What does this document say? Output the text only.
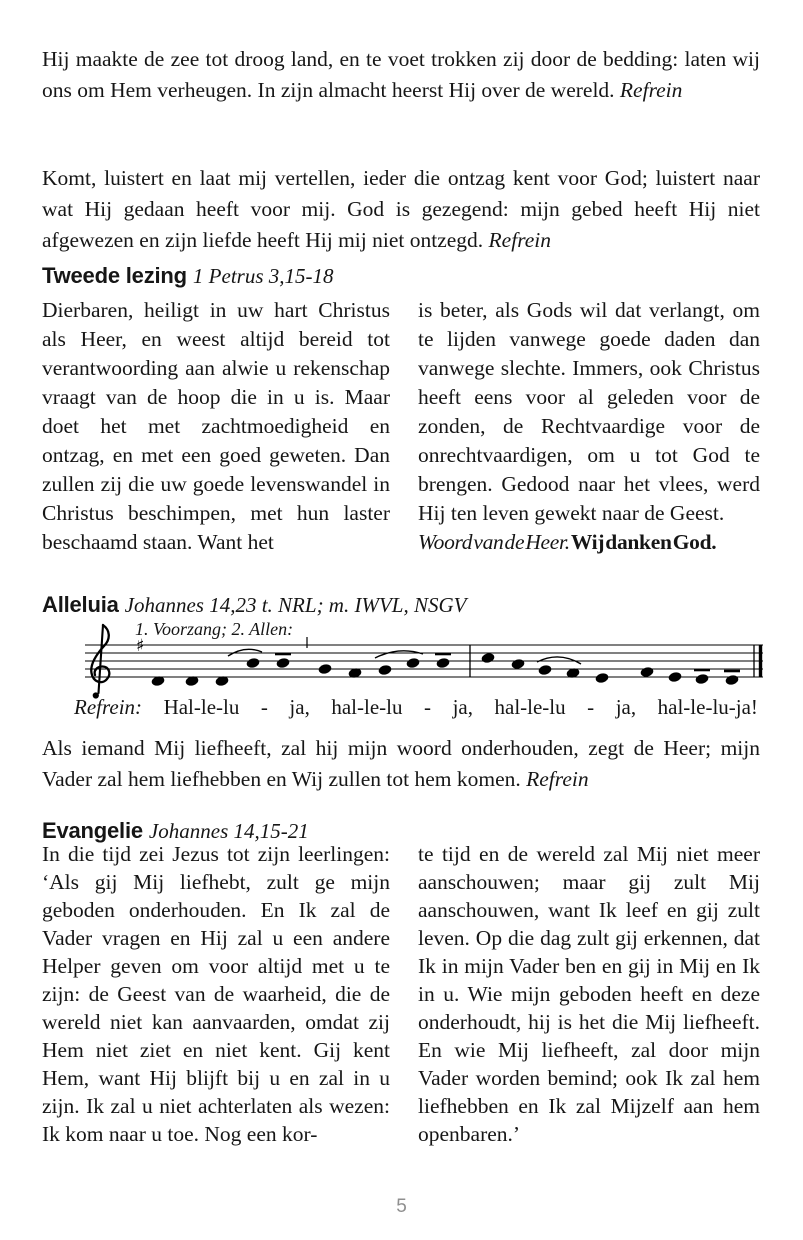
Hij maakte de zee tot droog land, en te voet trokken zij door de bedding: laten wij ons om Hem verheugen. In zijn almacht heerst Hij over de wereld. Refrein
Komt, luistert en laat mij vertellen, ieder die ontzag kent voor God; luistert naar wat Hij gedaan heeft voor mij. God is gezegend: mijn gebed heeft Hij niet afgewezen en zijn liefde heeft Hij mij niet ontzegd. Refrein
Tweede lezing 1 Petrus 3,15-18
Dierbaren, heiligt in uw hart Christus als Heer, en weest altijd bereid tot verantwoording aan alwie u rekenschap vraagt van de hoop die in u is. Maar doet het met zachtmoedigheid en ontzag, en met een goed geweten. Dan zullen zij die uw goede levenswandel in Christus beschimpen, met hun laster beschaamd staan. Want het
is beter, als Gods wil dat verlangt, om te lijden vanwege goede daden dan vanwege slechte. Immers, ook Christus heeft eens voor al geleden voor de zonden, de Rechtvaardige voor de onrechtvaardigen, om u tot God te brengen. Gedood naar het vlees, werd Hij ten leven gewekt naar de Geest.
Woord van de Heer. Wij danken God.
Alleluia Johannes 14,23 t. NRL; m. IWVL, NSGV
♯
1. Voorzang; 2. Allen:
Refrein: Hal-le-lu - ja, hal-le-lu - ja, hal-le-lu - ja, hal-le-lu-ja!
Als iemand Mij liefheeft, zal hij mijn woord onderhouden, zegt de Heer; mijn Vader zal hem liefhebben en Wij zullen tot hem komen. Refrein
Evangelie Johannes 14,15-21
In die tijd zei Jezus tot zijn leerlingen: ‘Als gij Mij liefhebt, zult ge mijn geboden onderhouden. En Ik zal de Vader vragen en Hij zal u een andere Helper geven om voor altijd met u te zijn: de Geest van de waarheid, die de wereld niet kan aanvaarden, omdat zij Hem niet ziet en niet kent. Gij kent Hem, want Hij blijft bij u en zal in u zijn. Ik zal u niet achterlaten als wezen: Ik kom naar u toe. Nog een kor-
te tijd en de wereld zal Mij niet meer aanschouwen; maar gij zult Mij aanschouwen, want Ik leef en gij zult leven. Op die dag zult gij erkennen, dat Ik in mijn Vader ben en gij in Mij en Ik in u. Wie mijn geboden heeft en deze onderhoudt, hij is het die Mij liefheeft. En wie Mij liefheeft, zal door mijn Vader worden bemind; ook Ik zal hem liefhebben en Ik zal Mijzelf aan hem openbaren.’
5
